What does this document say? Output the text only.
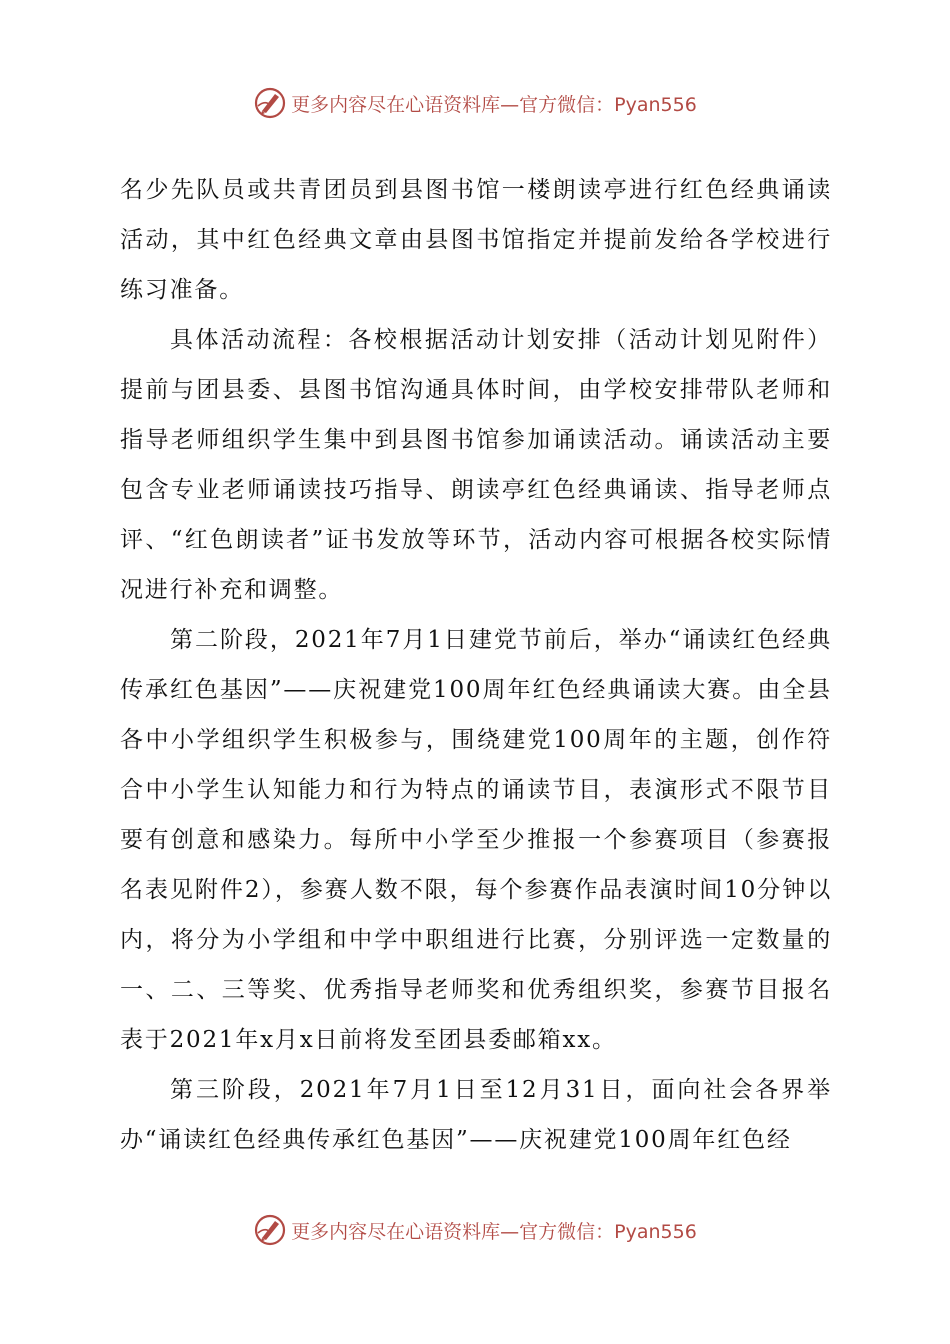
更多内容尽在心语资料库—官方微信：Pyan556

名少先队员或共青团员到县图书馆一楼朗读亭进行红色经典诵读活动，其中红色经典文章由县图书馆指定并提前发给各学校进行练习准备。

具体活动流程：各校根据活动计划安排（活动计划见附件）提前与团县委、县图书馆沟通具体时间，由学校安排带队老师和指导老师组织学生集中到县图书馆参加诵读活动。诵读活动主要包含专业老师诵读技巧指导、朗读亭红色经典诵读、指导老师点评、“红色朗读者”证书发放等环节，活动内容可根据各校实际情况进行补充和调整。

第二阶段，2021年7月1日建党节前后，举办“诵读红色经典传承红色基因”——庆祝建党100周年红色经典诵读大赛。由全县各中小学组织学生积极参与，围绕建党100周年的主题，创作符合中小学生认知能力和行为特点的诵读节目，表演形式不限节目要有创意和感染力。每所中小学至少推报一个参赛项目（参赛报名表见附件2），参赛人数不限，每个参赛作品表演时间10分钟以内，将分为小学组和中学中职组进行比赛，分别评选一定数量的一、二、三等奖、优秀指导老师奖和优秀组织奖，参赛节目报名表于2021年x月x日前将发至团县委邮箱xx。

第三阶段，2021年7月1日至12月31日，面向社会各界举办“诵读红色经典传承红色基因”——庆祝建党100周年红色经

更多内容尽在心语资料库—官方微信：Pyan556
